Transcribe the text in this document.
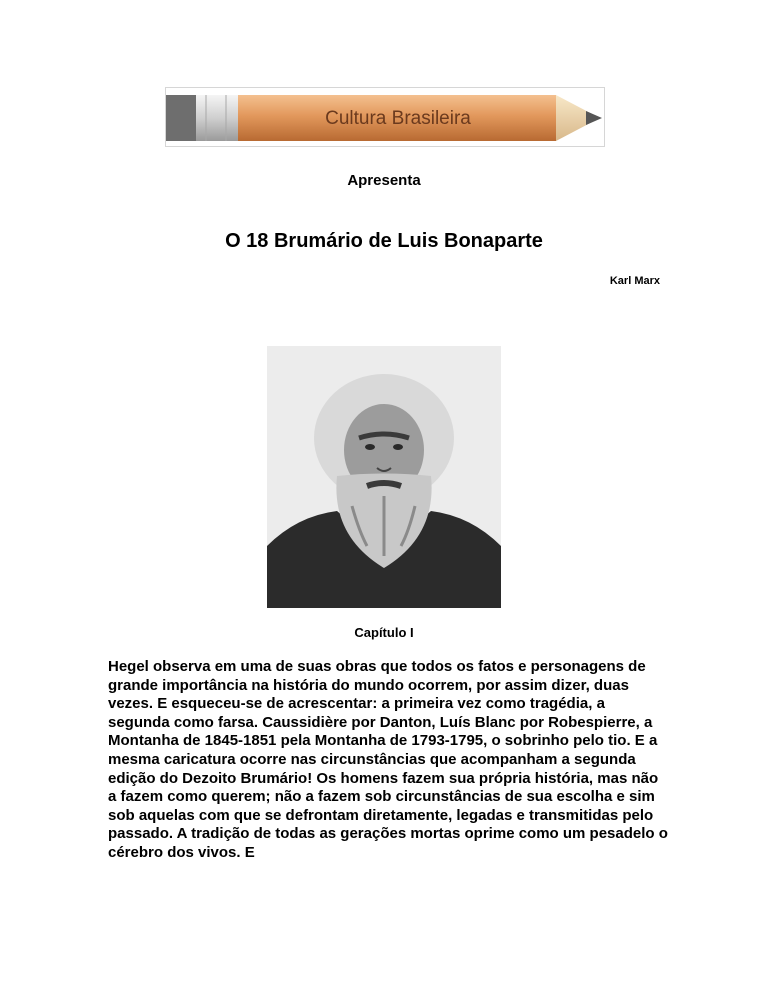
Cultura Brasileira
Apresenta
O 18 Brumário de Luis Bonaparte
Karl Marx
Capítulo I

Hegel observa em uma de suas obras que todos os fatos e personagens de grande importância na história do mundo ocorrem, por assim dizer, duas vezes. E esqueceu-se de acrescentar: a primeira vez como tragédia, a segunda como farsa. Caussidière por Danton, Luís Blanc por Robespierre, a Montanha de 1845-1851 pela Montanha de 1793-1795, o sobrinho pelo tio. E a mesma caricatura ocorre nas circunstâncias que acompanham a segunda edição do Dezoito Brumário! Os homens fazem sua própria história, mas não a fazem como querem; não a fazem sob circunstâncias de sua escolha e sim sob aquelas com que se defrontam diretamente, legadas e transmitidas pelo passado. A tradição de todas as gerações mortas oprime como um pesadelo o cérebro dos vivos. E
